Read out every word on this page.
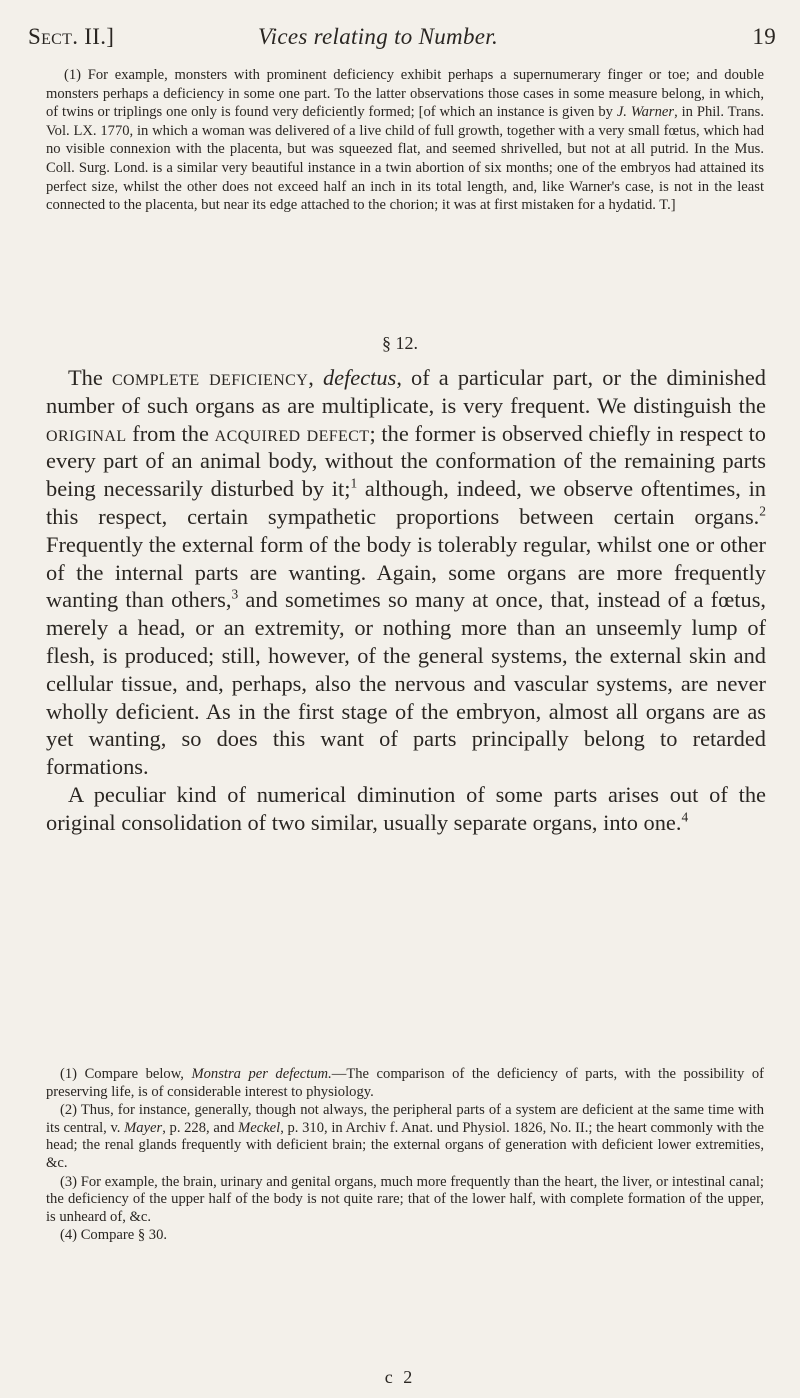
Sect. II.]	Vices relating to Number.	19

(1) For example, monsters with prominent deficiency exhibit perhaps a supernumerary finger or toe; and double monsters perhaps a deficiency in some one part. To the latter observations those cases in some measure belong, in which, of twins or triplings one only is found very deficiently formed; [of which an instance is given by J. Warner, in Phil. Trans. Vol. LX. 1770, in which a woman was delivered of a live child of full growth, together with a very small fœtus, which had no visible connexion with the placenta, but was squeezed flat, and seemed shrivelled, but not at all putrid. In the Mus. Coll. Surg. Lond. is a similar very beautiful instance in a twin abortion of six months; one of the embryos had attained its perfect size, whilst the other does not exceed half an inch in its total length, and, like Warner's case, is not in the least connected to the placenta, but near its edge attached to the chorion; it was at first mistaken for a hydatid. T.]

§ 12.

The complete deficiency, defectus, of a particular part, or the diminished number of such organs as are multiplicate, is very frequent. We distinguish the original from the acquired defect; the former is observed chiefly in respect to every part of an animal body, without the conformation of the remaining parts being necessarily disturbed by it;$^1$ although, indeed, we observe oftentimes, in this respect, certain sympathetic proportions between certain organs.$^2$ Frequently the external form of the body is tolerably regular, whilst one or other of the internal parts are wanting. Again, some organs are more frequently wanting than others,$^3$ and sometimes so many at once, that, instead of a fœtus, merely a head, or an extremity, or nothing more than an unseemly lump of flesh, is produced; still, however, of the general systems, the external skin and cellular tissue, and, perhaps, also the nervous and vascular systems, are never wholly deficient. As in the first stage of the embryon, almost all organs are as yet wanting, so does this want of parts principally belong to retarded formations.

A peculiar kind of numerical diminution of some parts arises out of the original consolidation of two similar, usually separate organs, into one.$^4$

(1) Compare below, Monstra per defectum.—The comparison of the deficiency of parts, with the possibility of preserving life, is of considerable interest to physiology.

(2) Thus, for instance, generally, though not always, the peripheral parts of a system are deficient at the same time with its central, v. Mayer, p. 228, and Meckel, p. 310, in Archiv f. Anat. und Physiol. 1826, No. II.; the heart commonly with the head; the renal glands frequently with deficient brain; the external organs of generation with deficient lower extremities, &c.

(3) For example, the brain, urinary and genital organs, much more frequently than the heart, the liver, or intestinal canal; the deficiency of the upper half of the body is not quite rare; that of the lower half, with complete formation of the upper, is unheard of, &c.

(4) Compare § 30.

c 2
